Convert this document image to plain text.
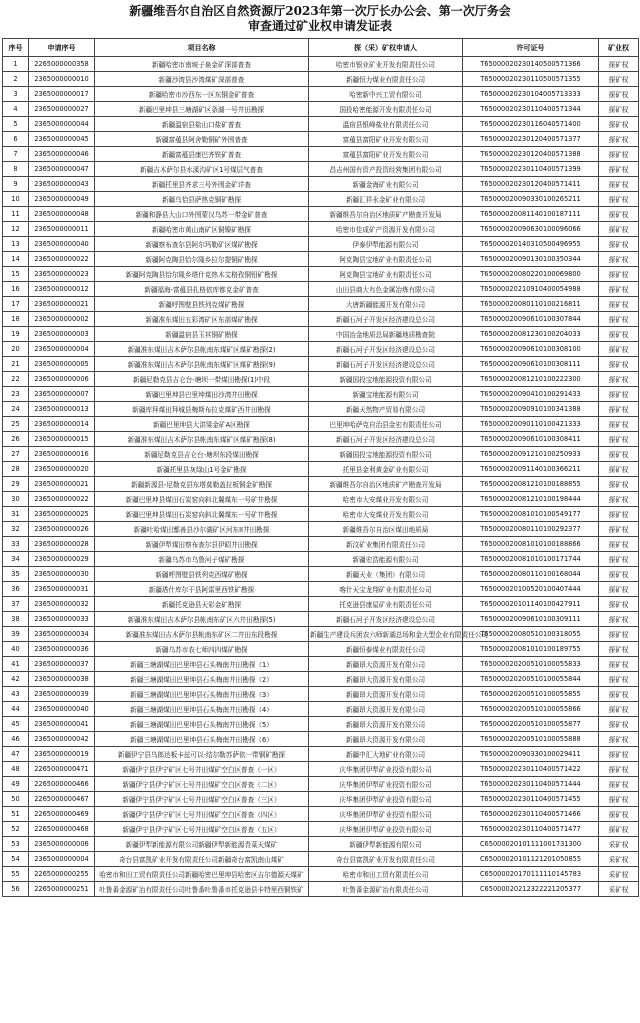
新疆维吾尔自治区自然资源厅2023年第一次厅长办公会、第一次厅务会
审查通过矿业权申请发证表
序号	申请序号	项目名称	探（采）矿权申请人	许可证号	矿业权
1	2265000000358	新疆哈密市南坡子泉金矿深部普查	哈密市银业矿业开发有限责任公司	T65000020230140500571366	探矿权
2	2365000000010	新疆沙湾县沙湾煤矿深部普查	新疆恒力煤业有限责任公司	T65000020230110500571355	探矿权
3	2365000000017	新疆哈密市沙西东一区东铜金矿普查	哈密新中兴工贸有限公司	T65000020230104005713333	探矿权
4	2365000000027	新疆巴里坤县三塘湖矿区条湖一号井田勘探	国投哈密能源开发有限责任公司	T65000020230110400571344	探矿权
5	2365000000044	新疆温宿县盐山口盐矿普查	温宿县银峰盐业有限责任公司	T65000020230116040571400	探矿权
6	2365000000045	新疆富蕴县阿舍勒铜矿外围普查	富蕴县富阳矿业开发有限公司	T65000020230120400571377	探矿权
7	2365000000046	新疆富蕴县康巴齐铁矿普查	富蕴县富阳矿业开发有限公司	T65000020230120400571388	探矿权
8	2365000000047	新疆吉木萨尔县水溪沟矿区1号煤层气普查	昌吉州国有资产投资经营集团有限公司	T65000020230110400571399	探矿权
9	2365000000043	新疆托里县齐求三号外围金矿详查	新疆金海矿业有限公司	T65000020230120400571411	探矿权
10	2365000000049	新疆乌恰县萨热克铜矿勘探	新疆汇祥永金矿业有限公司	T65000020090330100265211	探矿权
11	2365000000048	新疆和静县大山口外围蒙汉乌苏一带金矿普查	新疆维吾尔自治区地质矿产勘查开发局	T65000020081140100187111	探矿权
12	2365000000011	新疆哈密市黄山南矿区铜镍矿勘探	哈密市佳成矿产资源开发有限公司	T65000020090630100096066	探矿权
13	2365000000040	新疆察布查尔县阿尔玛勒矿区煤矿勘探	伊泰伊犁能源有限公司	T65000020140310500496955	探矿权
14	2365000000022	新疆阿克陶县恰尔隆乡拉尔提铜矿勘探	阿克陶县宝地矿业有限责任公司	T65000020090130100350344	探矿权
15	2365000000023	新疆阿克陶县恰尔隆乡塔什克热木艾格孜铜铅矿勘探	阿克陶县宝地矿业有限责任公司	T65000020080220100069800	探矿权
16	2365000000012	新疆福海-富蕴县扎格依库都克金矿普查	山田县商大有色金属冶炼有限公司	T65000020210910400054988	探矿权
17	2365000000021	新疆呼图壁县铁列克煤矿勘探	大唐新疆能源开发有限公司	T65000020080110100216811	探矿权
18	2365000000002	新疆准东煤田五彩湾矿区东部煤矿勘探	新疆石河子开发区经济建设总公司	T65000020090610100307844	探矿权
19	2365000000003	新疆温宿县玉其铜矿勘探	中国冶金地质总局新疆地质勘查院	T65000020081230100204033	探矿权
20	2365000000004	新疆准东煤田吉木萨尔县帐南东煤矿区煤矿勘探(2)	新疆石河子开发区经济建设总公司	T65000020090610100308100	探矿权
21	2365000000005	新疆准东煤田吉木萨尔县帐南东煤矿区煤矿勘探(9)	新疆石河子开发区经济建设总公司	T65000020090610100308111	探矿权
22	2365000000006	新疆尼勒克县吉仑台-塘坝一带煤田勘探(1)中段	新疆国投宝地能源投资有限公司	T65000020081210100222300	探矿权
23	2365000000007	新疆巴里坤县巴里坤煤田沙湾井田勘探	新疆宝地能源有限公司	T65000020090410100291433	探矿权
24	2365000000013	新疆库拜煤田拜城县梅斯布拉克煤矿西井田勘探	新疆天然物产贸易有限公司	T65000020090910100341388	探矿权
25	2365000000014	新疆巴里坤县大洪梁金矿A区勘探	巴里坤哈萨克自治县金宏有限责任公司	T65000020090110100421333	探矿权
26	2365000000015	新疆准东煤田吉木萨尔县帐南东煤矿区煤矿勘探(8)	新疆石河子开发区经济建设总公司	T65000020090610100308411	探矿权
27	2365000000016	新疆尼勒克县吉仑台-塘坝东段煤田勘探	新疆国投宝地能源投资有限公司	T65000020091210100250933	探矿权
28	2365000000020	新疆托里县灰绿山1号金矿勘探	托里县金利黄金矿业有限公司	T65000020091140100366211	探矿权
29	2365000000021	新疆新源县-尼勒克县东塔莫勒盖拉板铜金矿勘探	新疆维吾尔自治区地质矿产勘查开发局	T65000020081210100188855	探矿权
30	2365000000022	新疆巴里坤县煤田石炭窑向斜北翼煤东一号矿井勘探	哈密市大安煤业开发有限公司	T65000020081210100198444	探矿权
31	2365000000025	新疆巴里坤县煤田石炭窑向斜北翼煤东一号矿井勘探	哈密市大安煤业开发有限公司	T65000020081010100549177	探矿权
32	2365000000026	新疆吐哈煤田鄯善县沙尔湖矿区河东II井田勘探	新疆维吾尔自治区煤田地质局	T65000020080110100292377	探矿权
33	2365000000028	新疆伊犁煤田察布查尔县伊昭井田勘探	新汶矿业集团有限责任公司	T65000020081010100188866	探矿权
34	2365000000029	新疆乌苏市乌鲁河子煤矿勘探	新疆宏浩能源有限公司	T65000020081010100171744	探矿权
35	2365000000030	新疆呼图壁县铁列克西煤矿勘探	新疆天业（集团）有限公司	T65000020080110100168044	探矿权
36	2365000000031	新疆塔什库尔干县阿雷里西铁矿勘探	喀什天宝龙翔矿业有限责任公司	T65000020100520100407444	探矿权
37	2365000000032	新疆托克逊县天彩金矿勘探	托克逊县康屋矿业有限责任公司	T65000020101140100427911	探矿权
38	2365000000033	新疆准东煤田吉木萨尔县帐南东矿区六井田勘探(5)	新疆石河子开发区经济建设总公司	T65000020090610100309111	探矿权
39	2365000000034	新疆准东煤田吉木萨尔县帐南东矿区二井田东段勘探	新疆生产建设兵团农六师新湖总场和金大型企业有限责任公司	T65000020080510100318055	探矿权
40	2365000000036	新疆乌苏市农七师四四煤矿勘探	新疆恒泰煤业有限责任公司	T65000020081010100189755	探矿权
41	2365000000037	新疆三塘湖煤田巴里坤县石头梅南井田勘探（1）	新疆昂大资源开发有限公司	T65000020200510100055833	探矿权
42	2365000000038	新疆三塘湖煤田巴里坤县石头梅南井田勘探（2）	新疆昂大资源开发有限公司	T65000020200510100055844	探矿权
43	2365000000039	新疆三塘湖煤田巴里坤县石头梅南井田勘探（3）	新疆昂大资源开发有限公司	T65000020200510100055855	探矿权
44	2365000000040	新疆三塘湖煤田巴里坤县石头梅南井田勘探（4）	新疆昂大资源开发有限公司	T65000020200510100055866	探矿权
45	2365000000041	新疆三塘湖煤田巴里坤县石头梅南井田勘探（5）	新疆昂大资源开发有限公司	T65000020200510100055877	探矿权
46	2365000000042	新疆三塘湖煤田巴里坤县石头梅南井田勘探（6）	新疆昂大资源开发有限公司	T65000020200510100055888	探矿权
47	2365000000019	新疆伊宁县乌郎达板卡兹可以-结尔勒苏萨依一带铜矿勘探	新疆中汇大地矿业有限公司	T65000020090330100029411	探矿权
48	2265000000471	新疆伊宁县伊宁矿区七号井田煤矿空白区普查（一区）	庆华集团伊犁矿业投资有限公司	T65000020230110400571422	探矿权
49	2265000000466	新疆伊宁县伊宁矿区七号井田煤矿空白区普查（二区）	庆华集团伊犁矿业投资有限公司	T65000020230110400571444	探矿权
50	2265000000467	新疆伊宁县伊宁矿区七号井田煤矿空白区普查（三区）	庆华集团伊犁矿业投资有限公司	T65000020230110400571455	探矿权
51	2265000000469	新疆伊宁县伊宁矿区七号井田煤矿空白区普查（四区）	庆华集团伊犁矿业投资有限公司	T65000020230110400571466	探矿权
52	2265000000468	新疆伊宁县伊宁矿区七号井田煤矿空白区普查（五区）	庆华集团伊犁矿业投资有限公司	T65000020230110400571477	探矿权
53	2365000000006	新疆伊犁新能源有限公司新疆伊犁新能源青菜天煤矿	新疆伊犁新能源有限公司	C65000020101111001731300	采矿权
54	2365000000004	奇台县富凯矿业开发有限责任公司新疆奇台富凯南山煤矿	奇台县富凯矿业开发有限责任公司	C65000020101121201050855	采矿权
55	2265000000255	哈密市和田工贸有限责任公司新疆哈密巴里坤县哈密区吉尔德源天煤矿	哈密市和田工贸有限责任公司	C65000020170111110145783	采矿权
56	2265000000251	吐鲁番金源矿冶有限责任公司吐鲁番吐鲁番市托克逊县卡特里西铜铁矿	吐鲁番金源矿冶有限责任公司	C65000020212322221205377	采矿权
